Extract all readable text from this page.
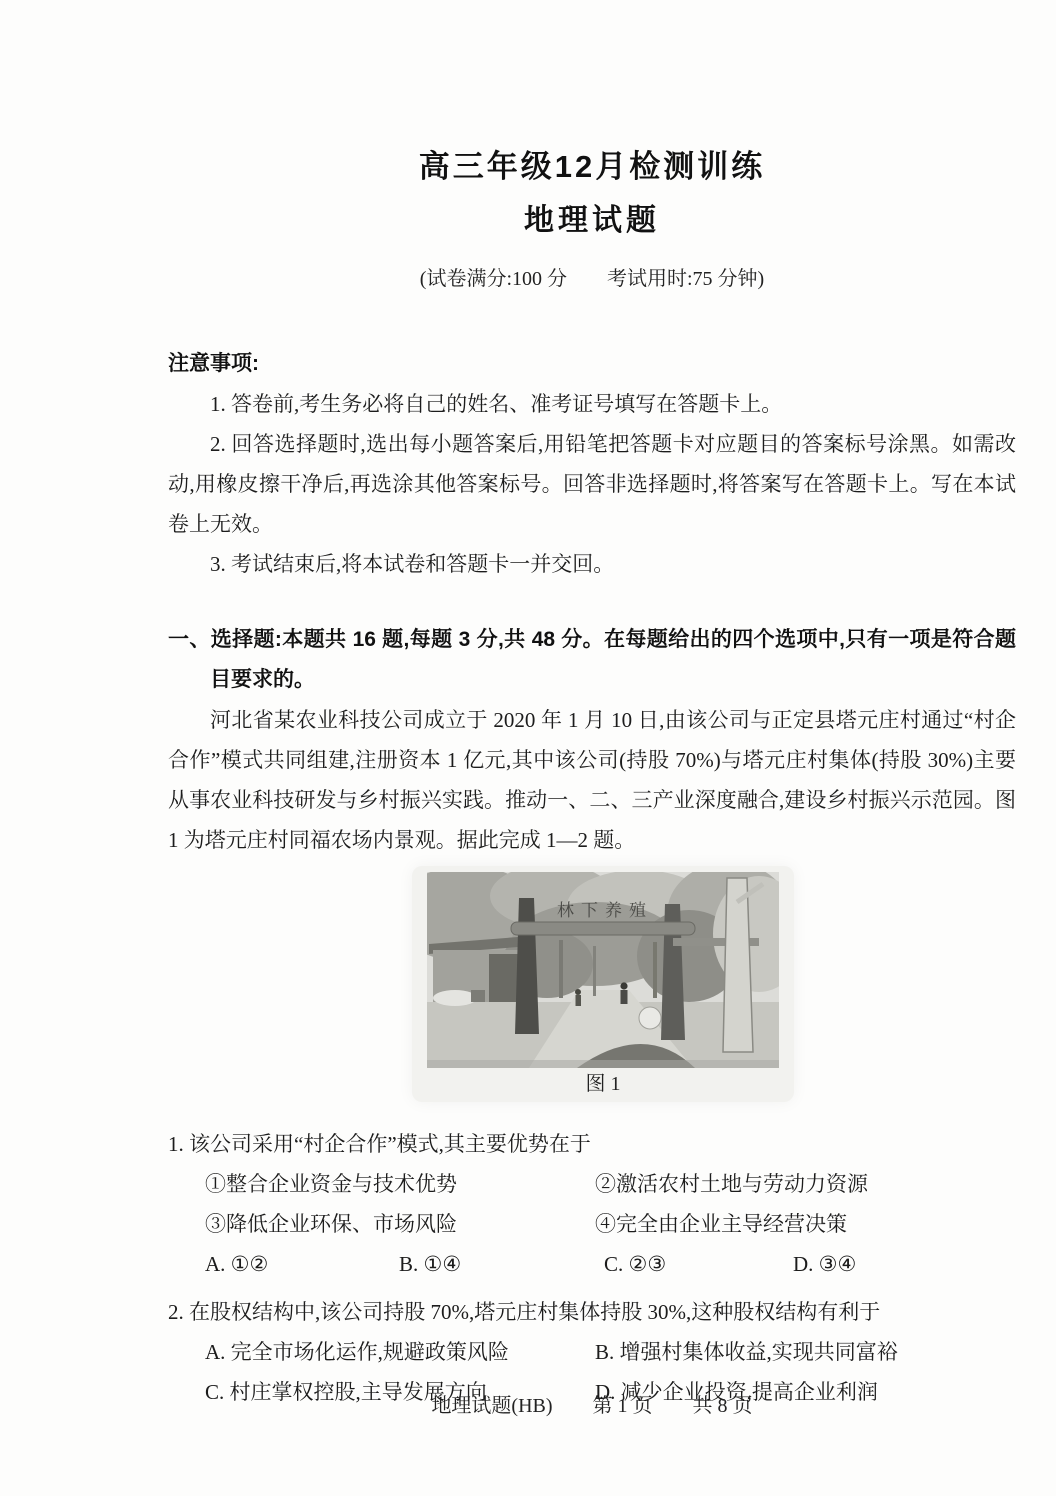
高三年级12月检测训练
地理试题
(试卷满分:100 分　　考试用时:75 分钟)
注意事项:

1. 答卷前,考生务必将自己的姓名、准考证号填写在答题卡上。

2. 回答选择题时,选出每小题答案后,用铅笔把答题卡对应题目的答案标号涂黑。如需改动,用橡皮擦干净后,再选涂其他答案标号。回答非选择题时,将答案写在答题卡上。写在本试卷上无效。

3. 考试结束后,将本试卷和答题卡一并交回。

一、选择题:本题共 16 题,每题 3 分,共 48 分。在每题给出的四个选项中,只有一项是符合题目要求的。

河北省某农业科技公司成立于 2020 年 1 月 10 日,由该公司与正定县塔元庄村通过“村企合作”模式共同组建,注册资本 1 亿元,其中该公司(持股 70%)与塔元庄村集体(持股 30%)主要从事农业科技研发与乡村振兴实践。推动一、二、三产业深度融合,建设乡村振兴示范园。图 1 为塔元庄村同福农场内景观。据此完成 1—2 题。

林下养殖
图 1

1. 该公司采用“村企合作”模式,其主要优势在于

①整合企业资金与技术优势	②激活农村土地与劳动力资源
③降低企业环保、市场风险	④完全由企业主导经营决策
A. ①②	B. ①④	C. ②③	D. ③④

2. 在股权结构中,该公司持股 70%,塔元庄村集体持股 30%,这种股权结构有利于

A. 完全市场化运作,规避政策风险	B. 增强村集体收益,实现共同富裕
C. 村庄掌权控股,主导发展方向	D. 减少企业投资,提高企业利润
地理试题(HB)　　第 1 页　　共 8 页
